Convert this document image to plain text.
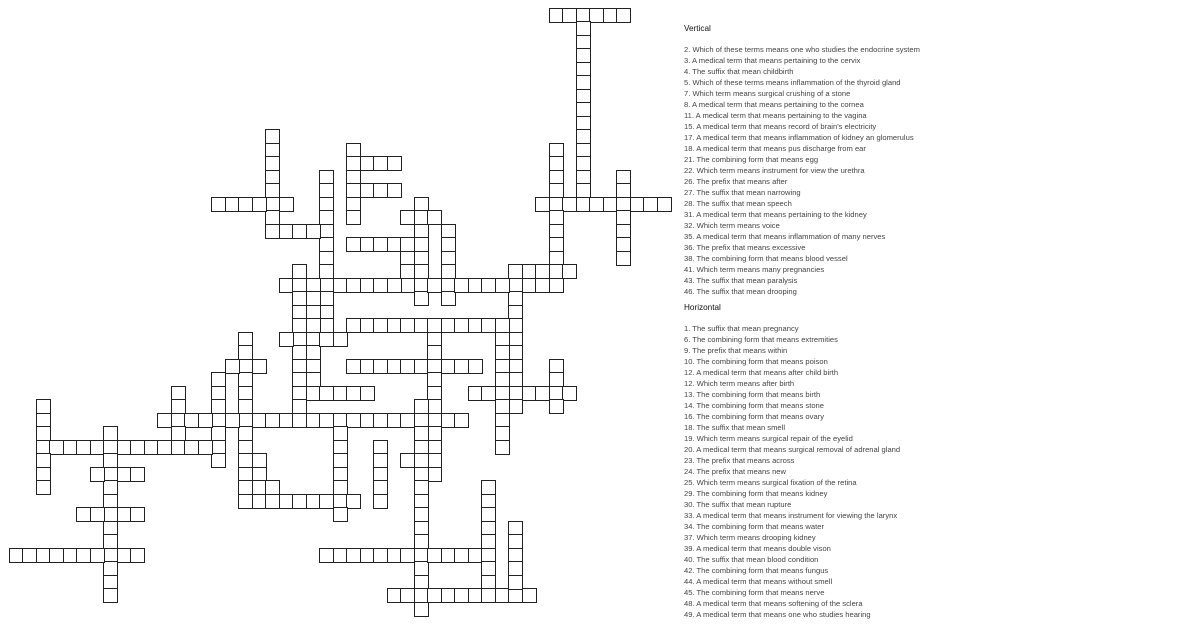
Vertical
2. Which of these terms means one who studies the endocrine system
3. A medical term that means pertaining to the cervix
4. The suffix that mean childbirth
5. Which of these terms means inflammation of the thyroid gland
7. Which term means surgical crushing of a stone
8. A medical term that means pertaining to the cornea
11. A medical term that means pertaining to the vagina
15. A medical term that means record of brain's electricity
17. A medical term that means inflammation of kidney an glomerulus
18. A medical term that means pus discharge from ear
21. The combining form that means egg
22. Which term means instrument for view the urethra
26. The prefix that means after
27. The suffix that mean narrowing
28. The suffix that mean speech
31. A medical term that means pertaining to the kidney
32. Which term means voice
35. A medical term that means inflammation of many nerves
36. The prefix that means excessive
38. The combining form that means blood vessel
41. Which term means many pregnancies
43. The suffix that mean paralysis
46. The suffix that mean drooping
Horizontal
1. The suffix that mean pregnancy
6. The combining form that means extremities
9. The prefix that means within
10. The combining form that means poison
12. A medical term that means after child birth
12. Which term means after birth
13. The combining form that means birth
14. The combining form that means stone
16. The combining form that means ovary
18. The suffix that mean smell
19. Which term means surgical repair of the eyelid
20. A medical term that means surgical removal of adrenal gland
23. The prefix that means across
24. The prefix that means new
25. Which term means surgical fixation of the retina
29. The combining form that means kidney
30. The suffix that mean rupture
33. A medical term that means instrument for viewing the larynx
34. The combining form that means water
37. Which term means drooping kidney
39. A medical term that means double vison
40. The suffix that mean blood condition
42. The combining form that means fungus
44. A medical term that means without smell
45. The combining form that means nerve
48. A medical term that means softening of the sclera
49. A medical term that means one who studies hearing
